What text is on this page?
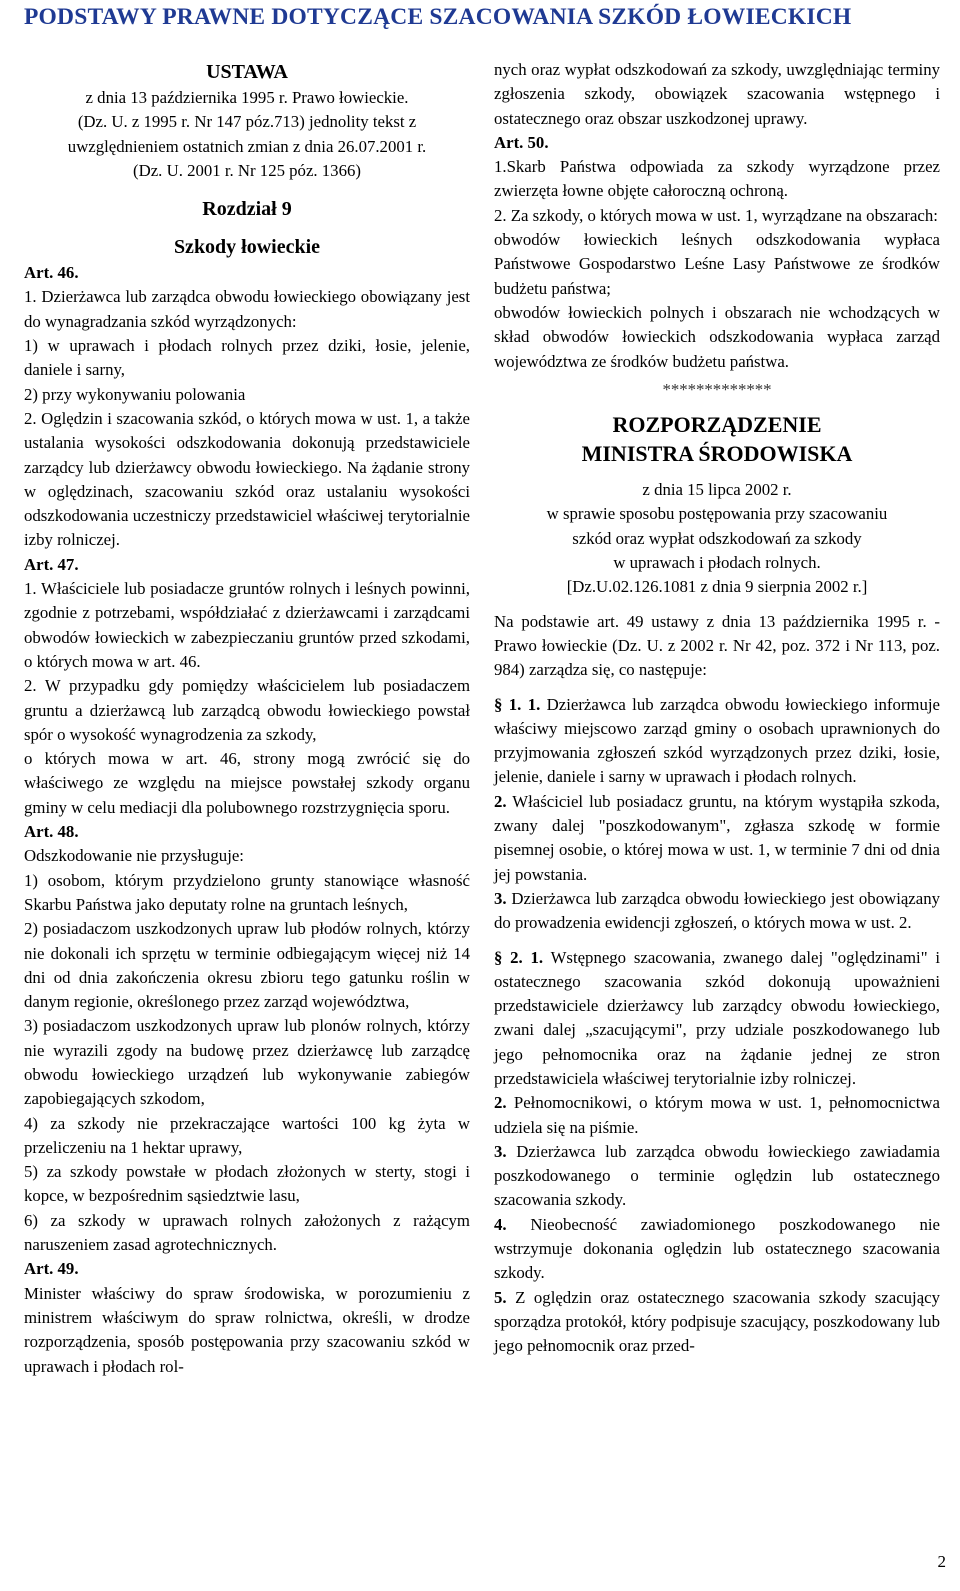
PODSTAWY PRAWNE DOTYCZĄCE SZACOWANIA SZKÓD ŁOWIECKICH
USTAWA
z dnia 13 października 1995 r. Prawo łowieckie.
(Dz. U. z 1995 r. Nr 147 póz.713) jednolity tekst z
uwzględnieniem ostatnich zmian z dnia 26.07.2001 r.
(Dz. U. 2001 r. Nr 125 póz. 1366)
Rozdział 9
Szkody łowieckie
Art. 46.
1. Dzierżawca lub zarządca obwodu łowieckiego obowiązany jest do wynagradzania szkód wyrządzonych:
1) w uprawach i płodach rolnych przez dziki, łosie, jelenie, daniele i sarny,
2) przy wykonywaniu polowania
2. Oględzin i szacowania szkód, o których mowa w ust. 1, a także ustalania wysokości odszkodowania dokonują przedstawiciele zarządcy lub dzierżawcy obwodu łowieckiego. Na żądanie strony w oględzinach, szacowaniu szkód oraz ustalaniu wysokości odszkodowania uczestniczy przedstawiciel właściwej terytorialnie izby rolniczej.
Art. 47.
1. Właściciele lub posiadacze gruntów rolnych i leśnych powinni, zgodnie z potrzebami, współdziałać z dzierżawcami i zarządcami obwodów łowieckich w zabezpieczaniu gruntów przed szkodami, o których mowa w art. 46.
2. W przypadku gdy pomiędzy właścicielem lub posiadaczem gruntu a dzierżawcą lub zarządcą obwodu łowieckiego powstał spór o wysokość wynagrodzenia za szkody,
o których mowa w art. 46, strony mogą zwrócić się do właściwego ze względu na miejsce powstałej szkody organu gminy w celu mediacji dla polubownego rozstrzygnięcia sporu.
Art. 48.
Odszkodowanie nie przysługuje:
1) osobom, którym przydzielono grunty stanowiące własność Skarbu Państwa jako deputaty rolne na gruntach leśnych,
2) posiadaczom uszkodzonych upraw lub płodów rolnych, którzy nie dokonali ich sprzętu w terminie odbiegającym więcej niż 14 dni od dnia zakończenia okresu zbioru tego gatunku roślin w danym regionie, określonego przez zarząd województwa,
3) posiadaczom uszkodzonych upraw lub plonów rolnych, którzy nie wyrazili zgody na budowę przez dzierżawcę lub zarządcę obwodu łowieckiego urządzeń lub wykonywanie zabiegów zapobiegających szkodom,
4) za szkody nie przekraczające wartości 100 kg żyta w przeliczeniu na 1 hektar uprawy,
5) za szkody powstałe w płodach złożonych w sterty, stogi i kopce, w bezpośrednim sąsiedztwie lasu,
6) za szkody w uprawach rolnych założonych z rażącym naruszeniem zasad agrotechnicznych.
Art. 49.
Minister właściwy do spraw środowiska, w porozumieniu z ministrem właściwym do spraw rolnictwa, określi, w drodze rozporządzenia, sposób postępowania przy szacowaniu szkód w uprawach i płodach rol-
nych oraz wypłat odszkodowań za szkody, uwzględniając terminy zgłoszenia szkody, obowiązek szacowania wstępnego i ostatecznego oraz obszar uszkodzonej uprawy.
Art. 50.
1.Skarb Państwa odpowiada za szkody wyrządzone przez zwierzęta łowne objęte całoroczną ochroną.
2. Za szkody, o których mowa w ust. 1, wyrządzane na obszarach:
obwodów łowieckich leśnych odszkodowania wypłaca Państwowe Gospodarstwo Leśne Lasy Państwowe ze środków budżetu państwa;
obwodów łowieckich polnych i obszarach nie wchodzących w skład obwodów łowieckich odszkodowania wypłaca zarząd województwa ze środków budżetu państwa.
*************
ROZPORZĄDZENIE
MINISTRA ŚRODOWISKA
z dnia 15 lipca 2002 r.
w sprawie sposobu postępowania przy szacowaniu
szkód oraz wypłat odszkodowań za szkody
w uprawach i płodach rolnych.
[Dz.U.02.126.1081 z dnia 9 sierpnia 2002 r.]
Na podstawie art. 49 ustawy z dnia 13 października 1995 r. - Prawo łowieckie (Dz. U. z 2002 r. Nr 42, poz. 372 i Nr 113, poz. 984) zarządza się, co następuje:
§ 1. 1. Dzierżawca lub zarządca obwodu łowieckiego informuje właściwy miejscowo zarząd gminy o osobach uprawnionych do przyjmowania zgłoszeń szkód wyrządzonych przez dziki, łosie, jelenie, daniele i sarny w uprawach i płodach rolnych.
2. Właściciel lub posiadacz gruntu, na którym wystąpiła szkoda, zwany dalej "poszkodowanym", zgłasza szkodę w formie pisemnej osobie, o której mowa w ust. 1, w terminie 7 dni od dnia jej powstania.
3. Dzierżawca lub zarządca obwodu łowieckiego jest obowiązany do prowadzenia ewidencji zgłoszeń, o których mowa w ust. 2.
§ 2. 1. Wstępnego szacowania, zwanego dalej "oględzinami" i ostatecznego szacowania szkód dokonują upoważnieni przedstawiciele dzierżawcy lub zarządcy obwodu łowieckiego, zwani dalej „szacującymi", przy udziale poszkodowanego lub jego pełnomocnika oraz na żądanie jednej ze stron przedstawiciela właściwej terytorialnie izby rolniczej.
2. Pełnomocnikowi, o którym mowa w ust. 1, pełnomocnictwa udziela się na piśmie.
3. Dzierżawca lub zarządca obwodu łowieckiego zawiadamia poszkodowanego o terminie oględzin lub ostatecznego szacowania szkody.
4. Nieobecność zawiadomionego poszkodowanego nie wstrzymuje dokonania oględzin lub ostatecznego szacowania szkody.
5. Z oględzin oraz ostatecznego szacowania szkody szacujący sporządza protokół, który podpisuje szacujący, poszkodowany lub jego pełnomocnik oraz przed-
2
